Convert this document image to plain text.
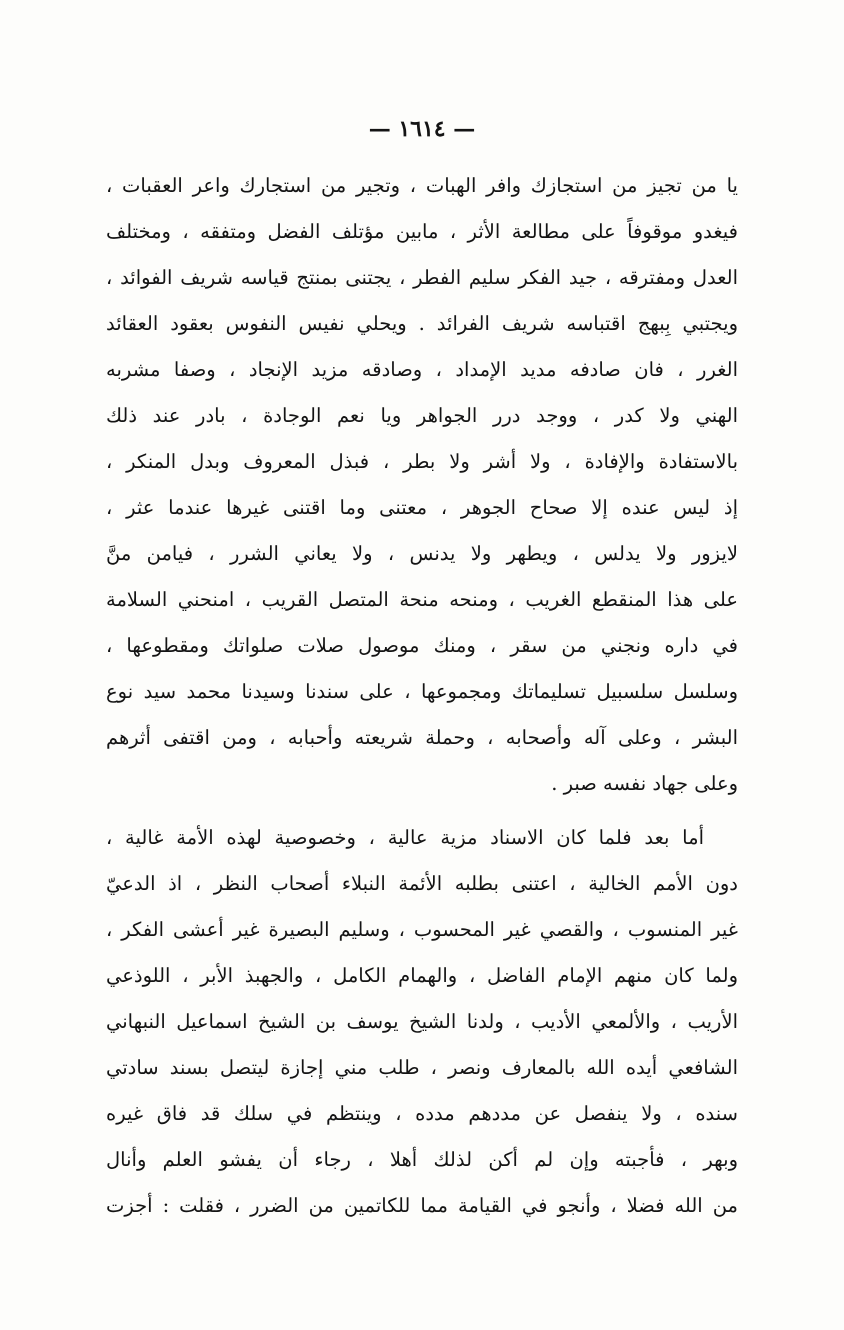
— ١٦١٤ —
يا من تجيز من استجازك وافر الهبات ، وتجير من استجارك واعر العقبات ،
فيغدو موقوفاً على مطالعة الأثر ، مابين مؤتلف الفضل ومتفقه ، ومختلف
العدل ومفترقه ، جيد الفكر سليم الفطر ، يجتنى بمنتج قياسه شريف الفوائد ،
ويجتبي بِبهج اقتباسه شريف الفرائد . ويحلي نفيس النفوس بعقود العقائد
الغرر ، فان صادفه مديد الإمداد ، وصادقه مزيد الإنجاد ، وصفا مشربه
الهني ولا كدر ، ووجد درر الجواهر ويا نعم الوجادة ، بادر عند ذلك
بالاستفادة والإفادة ، ولا أشر ولا بطر ، فبذل المعروف وبدل المنكر ،
إذ ليس عنده إلا صحاح الجوهر ، معتنى وما اقتنى غيرها عندما عثر ،
لايزور ولا يدلس ، ويطهر ولا يدنس ، ولا يعاني الشرر ، فيامن منَّ
على هذا المنقطع الغريب ، ومنحه منحة المتصل القريب ، امنحني السلامة
في داره ونجني من سقر ، ومنك موصول صلات صلواتك ومقطوعها ،
وسلسل سلسبيل تسليماتك ومجموعها ، على سندنا وسيدنا محمد سيد نوع
البشر ، وعلى آله وأصحابه ، وحملة شريعته وأحبابه ، ومن اقتفى أثرهم
وعلى جهاد نفسه صبر .
أما بعد فلما كان الاسناد مزية عالية ، وخصوصية لهذه الأمة غالية ،
دون الأمم الخالية ، اعتنى بطلبه الأئمة النبلاء أصحاب النظر ، اذ الدعيّ
غير المنسوب ، والقصي غير المحسوب ، وسليم البصيرة غير أعشى الفكر ،
ولما كان منهم الإمام الفاضل ، والهمام الكامل ، والجهبذ الأبر ، اللوذعي
الأريب ، والألمعي الأديب ، ولدنا الشيخ يوسف بن الشيخ اسماعيل النبهاني
الشافعي أيده الله بالمعارف ونصر ، طلب مني إجازة ليتصل بسند سادتي
سنده ، ولا ينفصل عن مددهم مدده ، وينتظم في سلك قد فاق غيره
وبهر ، فأجبته وإن لم أكن لذلك أهلا ، رجاء أن يفشو العلم وأنال
من الله فضلا ، وأنجو في القيامة مما للكاتمين من الضرر ، فقلت : أجزت
